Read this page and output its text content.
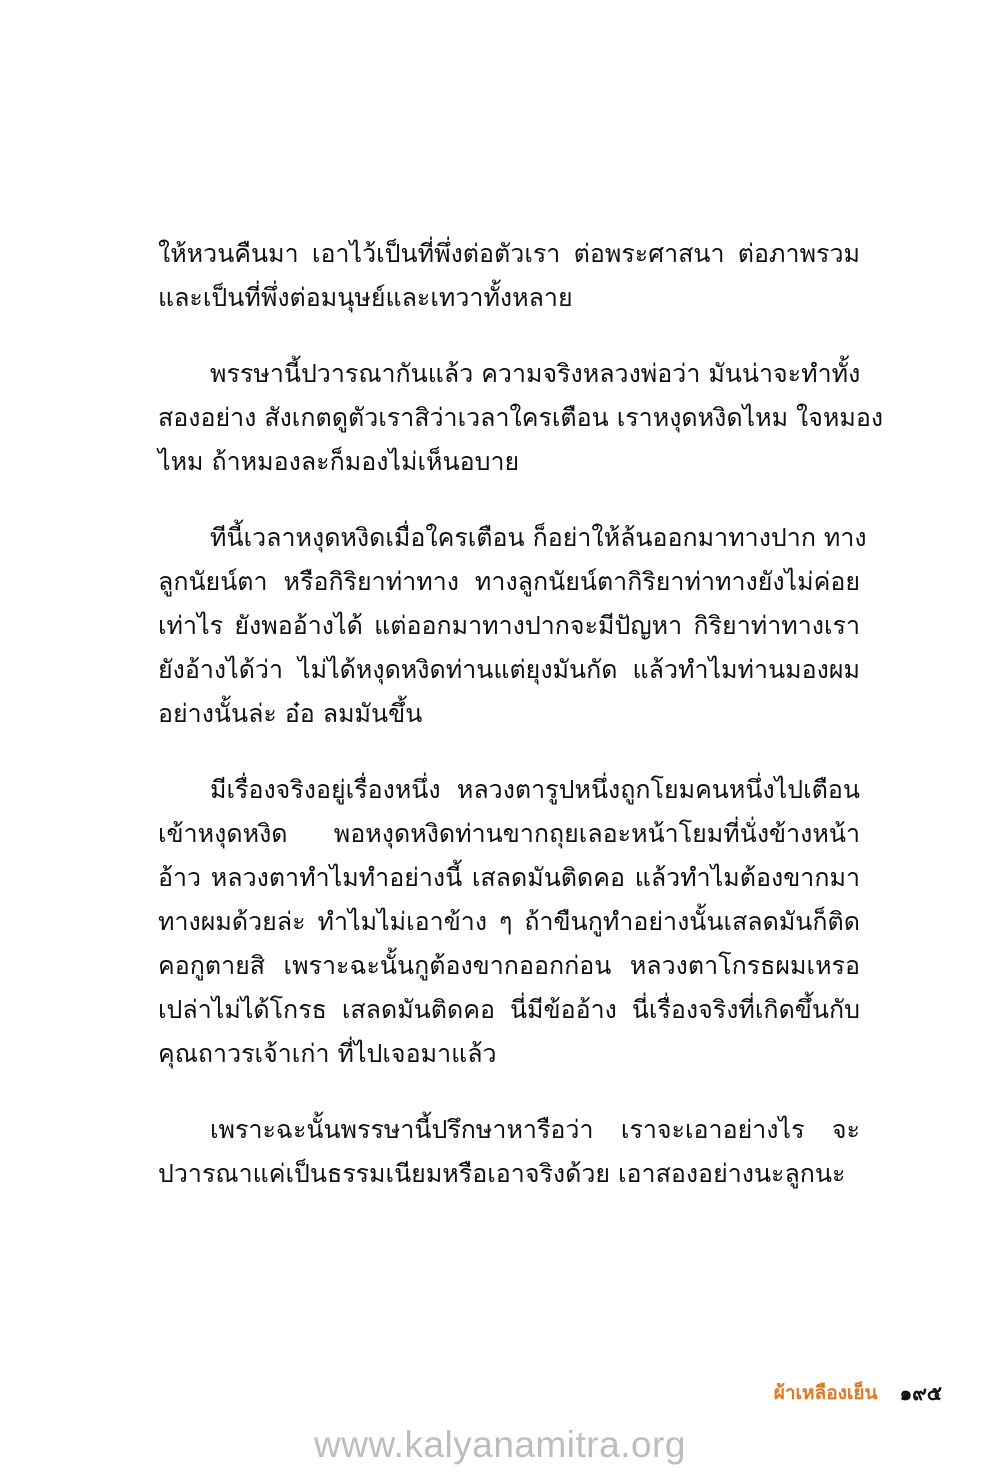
ให้หวนคืนมา เอาไว้เป็นที่พึ่งต่อตัวเรา ต่อพระศาสนา ต่อภาพรวม
และเป็นที่พึ่งต่อมนุษย์และเทวาทั้งหลาย

พรรษานี้ปวารณากันแล้ว ความจริงหลวงพ่อว่า มันน่าจะทำทั้ง
สองอย่าง สังเกตดูตัวเราสิว่าเวลาใครเตือน เราหงุดหงิดไหม ใจหมอง
ไหม ถ้าหมองละก็มองไม่เห็นอบาย

ทีนี้เวลาหงุดหงิดเมื่อใครเตือน ก็อย่าให้ล้นออกมาทางปาก ทาง
ลูกนัยน์ตา หรือกิริยาท่าทาง ทางลูกนัยน์ตากิริยาท่าทางยังไม่ค่อย
เท่าไร ยังพออ้างได้ แต่ออกมาทางปากจะมีปัญหา กิริยาท่าทางเรา
ยังอ้างได้ว่า ไม่ได้หงุดหงิดท่านแต่ยุงมันกัด แล้วทำไมท่านมองผม
อย่างนั้นล่ะ อ๋อ ลมมันขึ้น

มีเรื่องจริงอยู่เรื่องหนึ่ง หลวงตารูปหนึ่งถูกโยมคนหนึ่งไปเตือน
เข้าหงุดหงิด พอหงุดหงิดท่านขากถุยเลอะหน้าโยมที่นั่งข้างหน้า
อ้าว หลวงตาทำไมทำอย่างนี้ เสลดมันติดคอ แล้วทำไมต้องขากมา
ทางผมด้วยล่ะ ทำไมไม่เอาข้าง ๆ ถ้าขืนกูทำอย่างนั้นเสลดมันก็ติด
คอกูตายสิ เพราะฉะนั้นกูต้องขากออกก่อน หลวงตาโกรธผมเหรอ
เปล่าไม่ได้โกรธ เสลดมันติดคอ นี่มีข้ออ้าง นี่เรื่องจริงที่เกิดขึ้นกับ
คุณถาวรเจ้าเก่า ที่ไปเจอมาแล้ว

เพราะฉะนั้นพรรษานี้ปรึกษาหารือว่า เราจะเอาอย่างไร จะ
ปวารณาแค่เป็นธรรมเนียมหรือเอาจริงด้วย เอาสองอย่างนะลูกนะ

ผ้าเหลืองเย็น ๑๙๕
www.kalyanamitra.org
